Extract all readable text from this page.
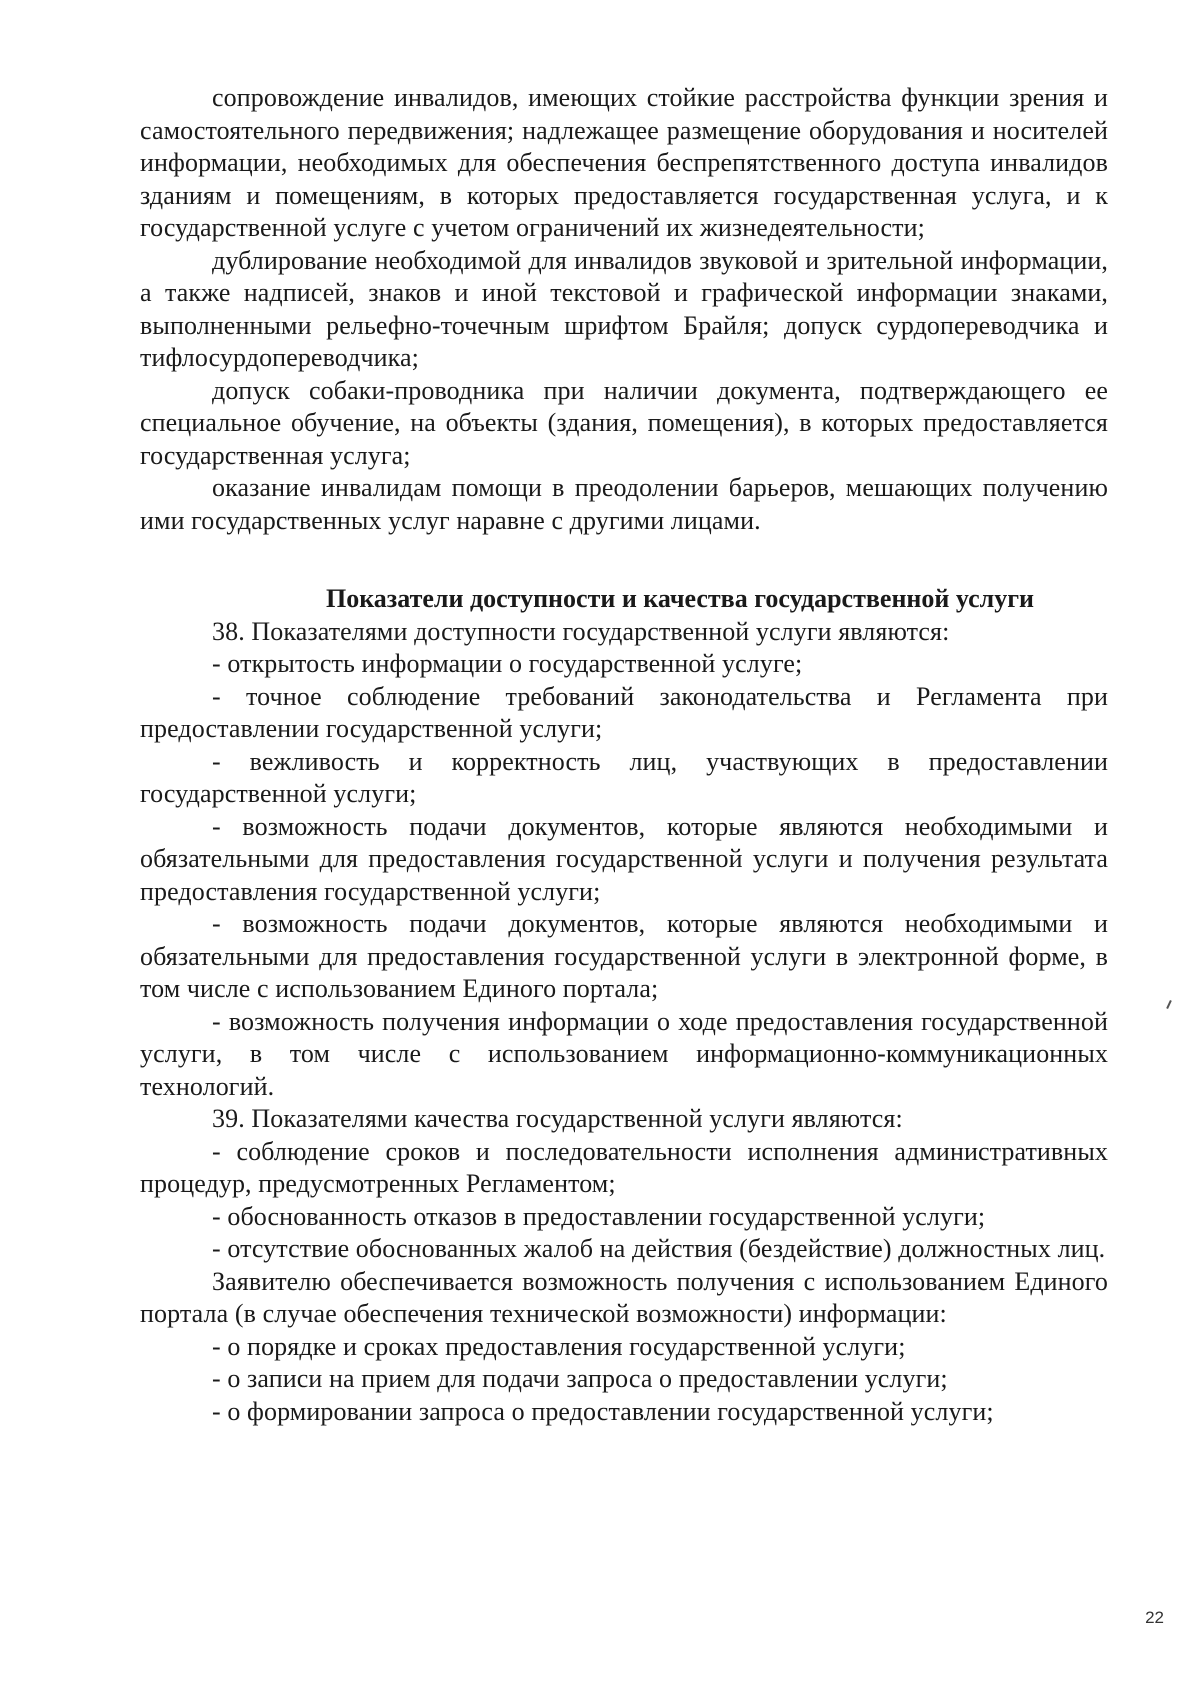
сопровождение инвалидов, имеющих стойкие расстройства функции зрения и самостоятельного передвижения; надлежащее размещение оборудования и носителей информации, необходимых для обеспечения беспрепятственного доступа инвалидов зданиям и помещениям, в которых предоставляется государственная услуга, и к государственной услуге с учетом ограничений их жизнедеятельности;

дублирование необходимой для инвалидов звуковой и зрительной информации, а также надписей, знаков и иной текстовой и графической информации знаками, выполненными рельефно-точечным шрифтом Брайля; допуск сурдопереводчика и тифлосурдопереводчика;

допуск собаки-проводника при наличии документа, подтверждающего ее специальное обучение, на объекты (здания, помещения), в которых предоставляется государственная услуга;

оказание инвалидам помощи в преодолении барьеров, мешающих получению ими государственных услуг наравне с другими лицами.

Показатели доступности и качества государственной услуги

38. Показателями доступности государственной услуги являются:

- открытость информации о государственной услуге;

- точное соблюдение требований законодательства и Регламента при предоставлении государственной услуги;

- вежливость и корректность лиц, участвующих в предоставлении государственной услуги;

- возможность подачи документов, которые являются необходимыми и обязательными для предоставления государственной услуги и получения результата предоставления государственной услуги;

- возможность подачи документов, которые являются необходимыми и обязательными для предоставления государственной услуги в электронной форме, в том числе с использованием Единого портала;

- возможность получения информации о ходе предоставления государственной услуги, в том числе с использованием информационно-коммуникационных технологий.

39. Показателями качества государственной услуги являются:

- соблюдение сроков и последовательности исполнения административных процедур, предусмотренных Регламентом;

- обоснованность отказов в предоставлении государственной услуги;

- отсутствие обоснованных жалоб на действия (бездействие) должностных лиц.

Заявителю обеспечивается возможность получения с использованием Единого портала (в случае обеспечения технической возможности) информации:

- о порядке и сроках предоставления государственной услуги;

- о записи на прием для подачи запроса о предоставлении услуги;

- о формировании запроса о предоставлении государственной услуги;

22
